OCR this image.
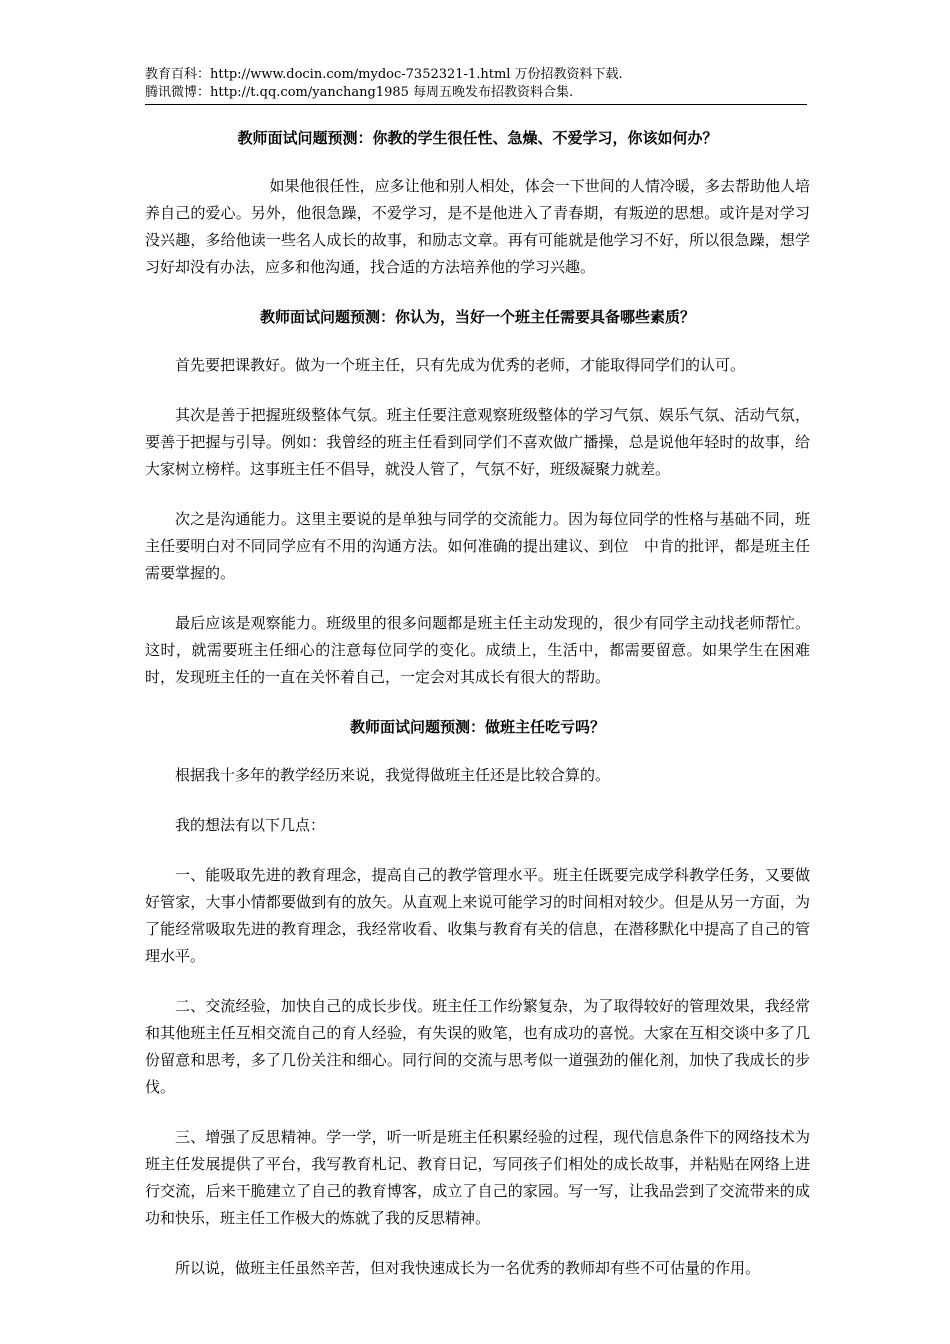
教育百科：http://www.docin.com/mydoc-7352321-1.html 万份招教资料下载.
腾讯微博：http://t.qq.com/yanchang1985 每周五晚发布招教资料合集.
教师面试问题预测：你教的学生很任性、急燥、不爱学习，你该如何办？

如果他很任性，应多让他和别人相处，体会一下世间的人情冷暖，多去帮助他人培养自己的爱心。另外，他很急躁，不爱学习，是不是他进入了青春期，有叛逆的思想。或许是对学习没兴趣，多给他读一些名人成长的故事，和励志文章。再有可能就是他学习不好，所以很急躁，想学习好却没有办法，应多和他沟通，找合适的方法培养他的学习兴趣。

教师面试问题预测：你认为，当好一个班主任需要具备哪些素质？

首先要把课教好。做为一个班主任，只有先成为优秀的老师，才能取得同学们的认可。

其次是善于把握班级整体气氛。班主任要注意观察班级整体的学习气氛、娱乐气氛、活动气氛，要善于把握与引导。例如：我曾经的班主任看到同学们不喜欢做广播操，总是说他年轻时的故事，给大家树立榜样。这事班主任不倡导，就没人管了，气氛不好，班级凝聚力就差。

次之是沟通能力。这里主要说的是单独与同学的交流能力。因为每位同学的性格与基础不同，班主任要明白对不同同学应有不用的沟通方法。如何准确的提出建议、到位　中肯的批评，都是班主任需要掌握的。

最后应该是观察能力。班级里的很多问题都是班主任主动发现的，很少有同学主动找老师帮忙。这时，就需要班主任细心的注意每位同学的变化。成绩上，生活中，都需要留意。如果学生在困难时，发现班主任的一直在关怀着自己，一定会对其成长有很大的帮助。

教师面试问题预测：做班主任吃亏吗？

根据我十多年的教学经历来说，我觉得做班主任还是比较合算的。

我的想法有以下几点：

一、能吸取先进的教育理念，提高自己的教学管理水平。班主任既要完成学科教学任务，又要做好管家，大事小情都要做到有的放矢。从直观上来说可能学习的时间相对较少。但是从另一方面，为了能经常吸取先进的教育理念，我经常收看、收集与教育有关的信息，在潜移默化中提高了自己的管理水平。

二、交流经验，加快自己的成长步伐。班主任工作纷繁复杂，为了取得较好的管理效果，我经常和其他班主任互相交流自己的育人经验，有失误的败笔，也有成功的喜悦。大家在互相交谈中多了几份留意和思考，多了几份关注和细心。同行间的交流与思考似一道强劲的催化剂，加快了我成长的步伐。

三、增强了反思精神。学一学，听一听是班主任积累经验的过程，现代信息条件下的网络技术为班主任发展提供了平台，我写教育札记、教育日记，写同孩子们相处的成长故事，并粘贴在网络上进行交流，后来干脆建立了自己的教育博客，成立了自己的家园。写一写，让我品尝到了交流带来的成功和快乐，班主任工作极大的炼就了我的反思精神。

所以说，做班主任虽然辛苦，但对我快速成长为一名优秀的教师却有些不可估量的作用。
